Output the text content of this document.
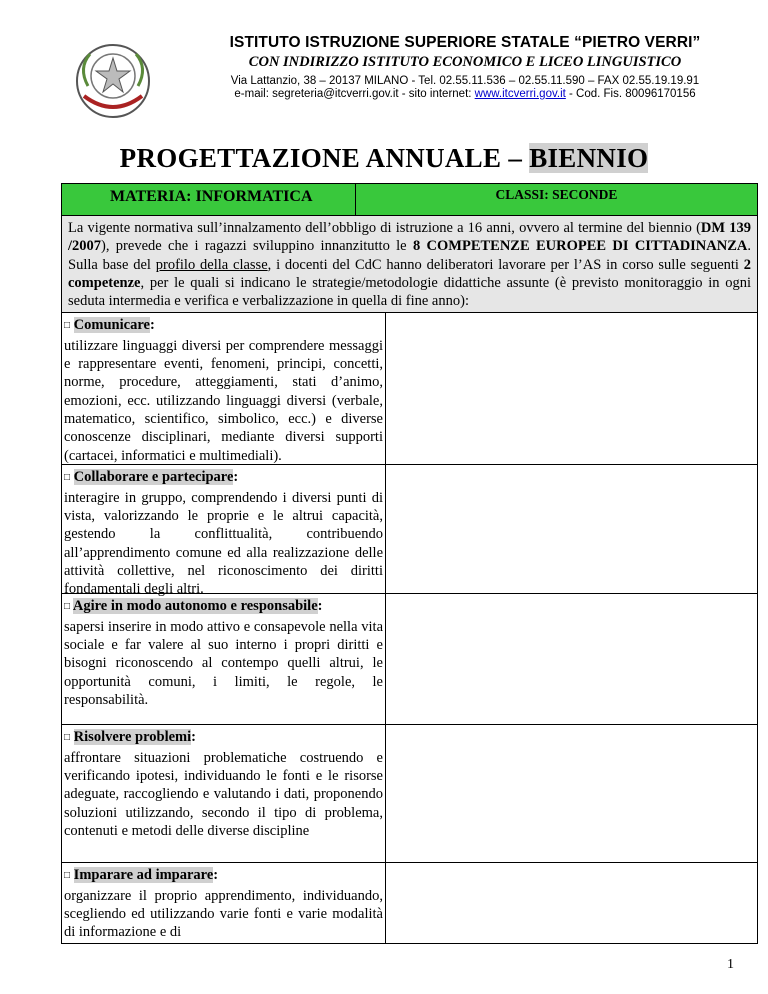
ISTITUTO ISTRUZIONE SUPERIORE STATALE “PIETRO VERRI”
CON INDIRIZZO ISTITUTO ECONOMICO E LICEO LINGUISTICO
Via Lattanzio, 38 – 20137 MILANO - Tel. 02.55.11.536 – 02.55.11.590 – FAX 02.55.19.19.91
e-mail: segreteria@itcverri.gov.it - sito internet: www.itcverri.gov.it - Cod. Fis. 80096170156
PROGETTAZIONE ANNUALE – BIENNIO
MATERIA: INFORMATICA	CLASSI: SECONDE
La vigente normativa sull’innalzamento dell’obbligo di istruzione a 16 anni, ovvero al termine del biennio (DM 139 /2007), prevede che i ragazzi sviluppino innanzitutto le 8 COMPETENZE EUROPEE DI CITTADINANZA. Sulla base del profilo della classe, i docenti del CdC hanno deliberatori lavorare per l’AS in corso sulle seguenti 2 competenze, per le quali si indicano le strategie/metodologie didattiche assunte (è previsto monitoraggio in ogni seduta intermedia e verifica e verbalizzazione in quella di fine anno):
□ Comunicare:
utilizzare linguaggi diversi per comprendere messaggi e rappresentare eventi, fenomeni, principi, concetti, norme, procedure, atteggiamenti, stati d’animo, emozioni, ecc. utilizzando linguaggi diversi (verbale, matematico, scientifico, simbolico, ecc.) e diverse conoscenze disciplinari, mediante diversi supporti (cartacei, informatici e multimediali).
□ Collaborare e partecipare:
interagire in gruppo, comprendendo i diversi punti di vista, valorizzando le proprie e le altrui capacità, gestendo la conflittualità, contribuendo all’apprendimento comune ed alla realizzazione delle attività collettive, nel riconoscimento dei diritti fondamentali degli altri.
□ Agire in modo autonomo e responsabile:
sapersi inserire in modo attivo e consapevole nella vita sociale e far valere al suo interno i propri diritti e bisogni riconoscendo al contempo quelli altrui, le opportunità comuni, i limiti, le regole, le responsabilità.
□ Risolvere problemi:
affrontare situazioni problematiche costruendo e verificando ipotesi, individuando le fonti e le risorse adeguate, raccogliendo e valutando i dati, proponendo soluzioni utilizzando, secondo il tipo di problema, contenuti e metodi delle diverse discipline
□ Imparare ad imparare:
organizzare il proprio apprendimento, individuando, scegliendo ed utilizzando varie fonti e varie modalità di informazione e di
1
